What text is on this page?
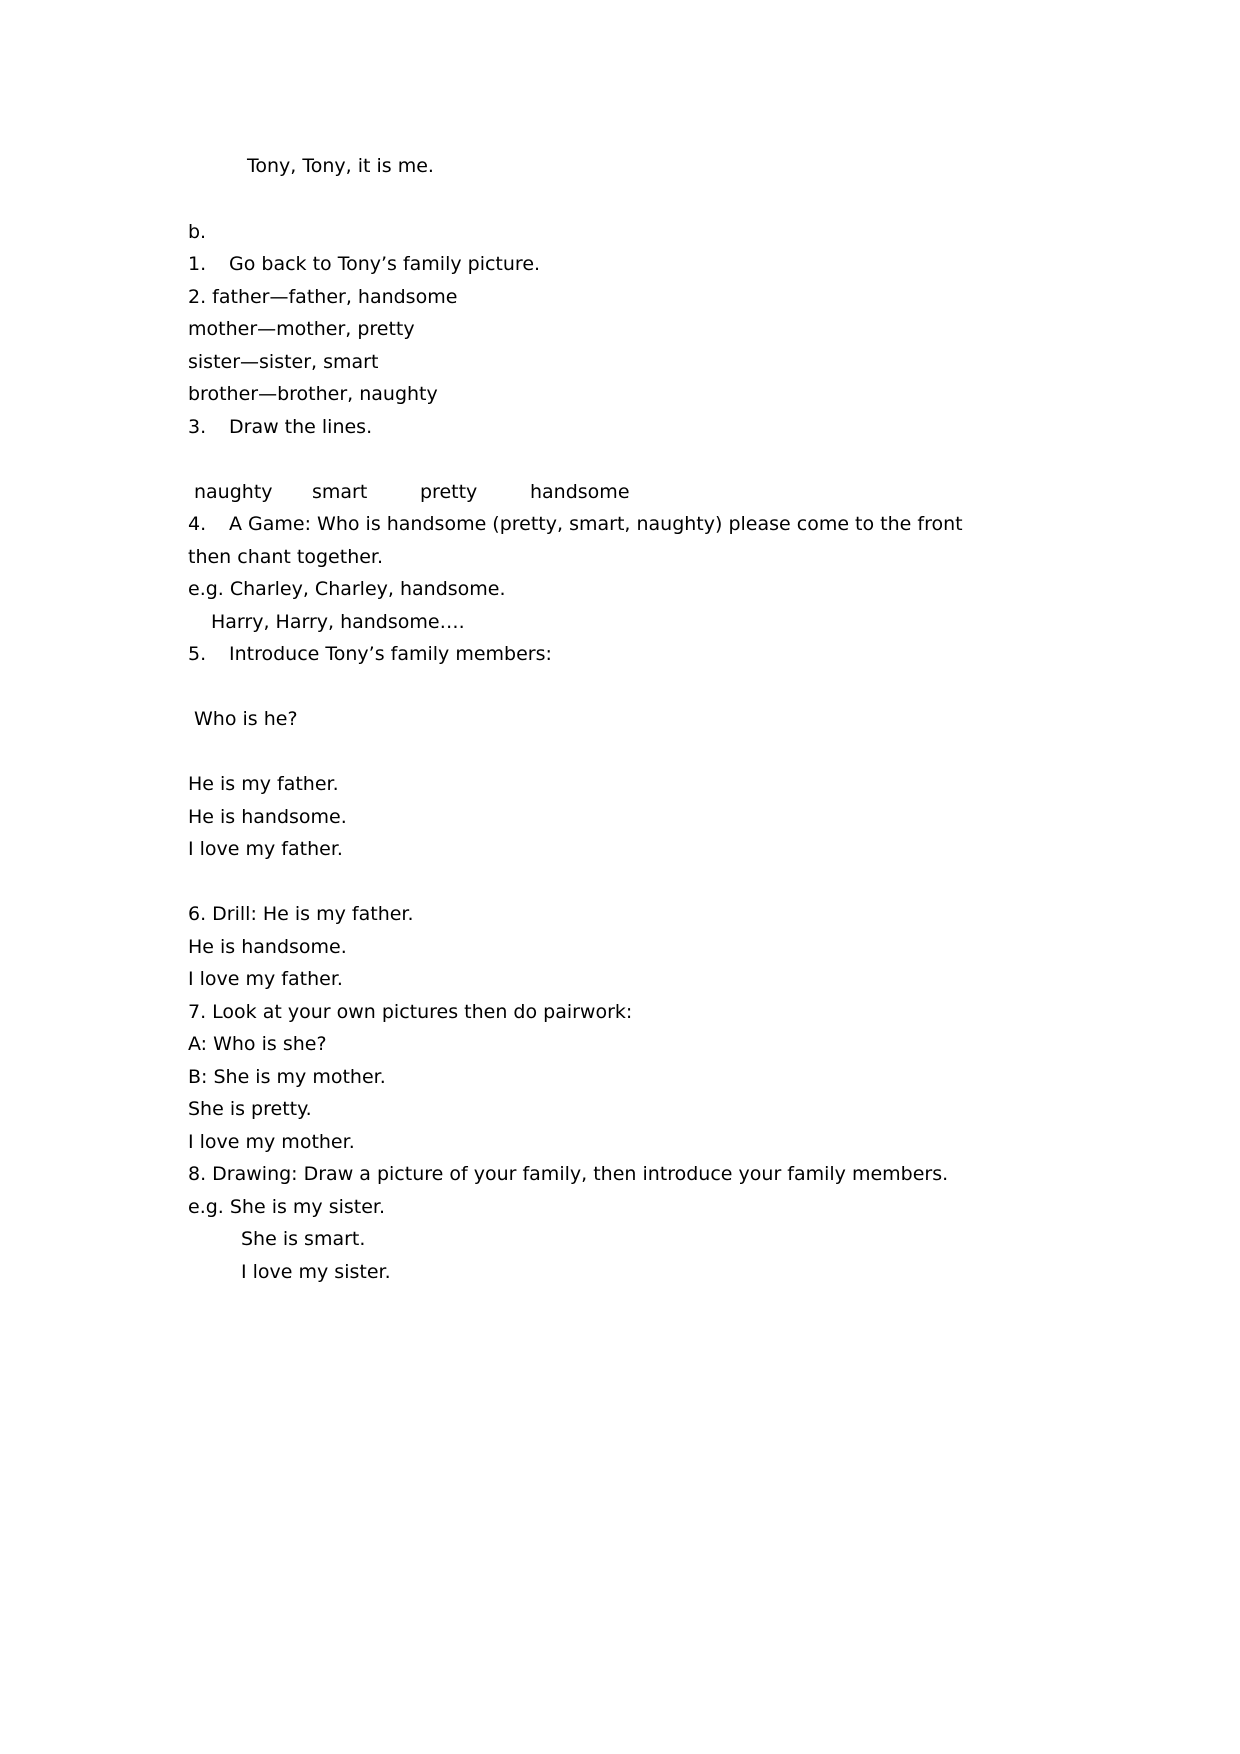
Tony, Tony, it is me.
b.
1. Go back to Tony’s family picture.
2. father—father, handsome
mother—mother, pretty
sister—sister, smart
brother—brother, naughty
3. Draw the lines.

naughty

smart

	pretty

	handsome

4. A Game: Who is handsome (pretty, smart, naughty) please come to the front
then chant together.
e.g. Charley, Charley, handsome.
Harry, Harry, handsome….
5. Introduce Tony’s family members:
Who is he?
He is my father.
He is handsome.
I love my father.
6. Drill: He is my father.
He is handsome.
I love my father.
7. Look at your own pictures then do pairwork:
A: Who is she?
B: She is my mother.
She is pretty.
I love my mother.
8. Drawing: Draw a picture of your family, then introduce your family members.
e.g. She is my sister.
She is smart.
I love my sister.
